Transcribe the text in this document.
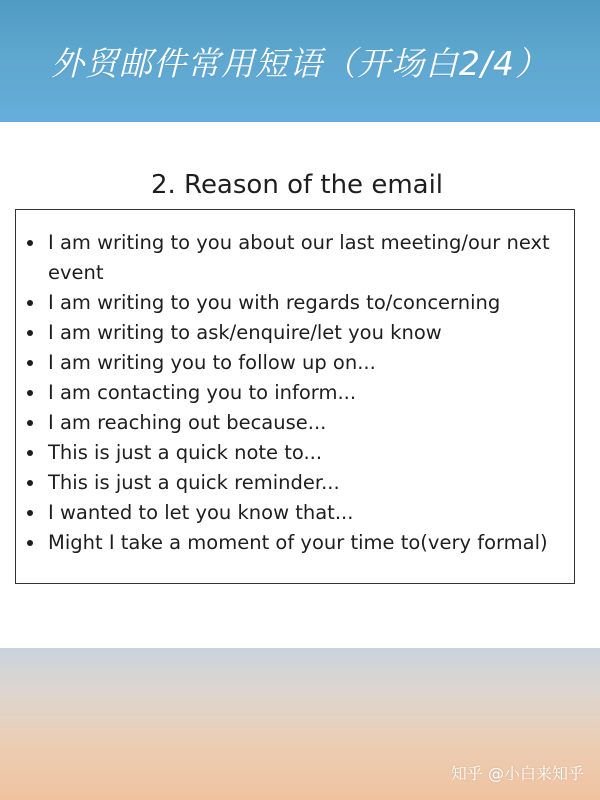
外贸邮件常用短语（开场白2/4）
2. Reason of the email
I am writing to you about our last meeting/our next event
I am writing to you with regards to/concerning
I am writing to ask/enquire/let you know
I am writing you to follow up on...
I am contacting you to inform...
I am reaching out because...
This is just a quick note to...
This is just a quick reminder...
I wanted to let you know that...
Might I take a moment of your time to(very formal)
知乎 @小白来知乎
